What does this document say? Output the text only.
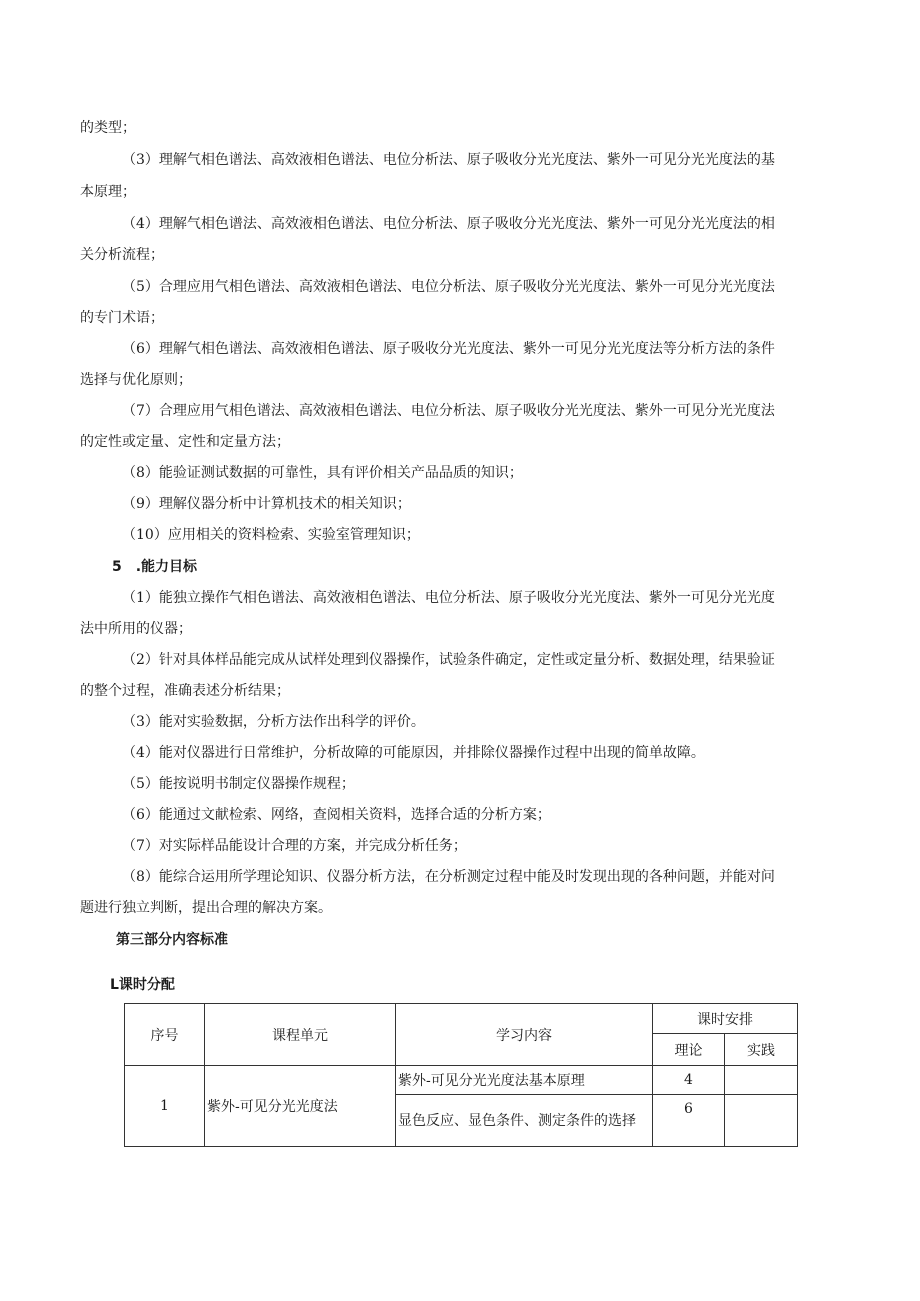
的类型；
（3）理解气相色谱法、高效液相色谱法、电位分析法、原子吸收分光光度法、紫外一可见分光光度法的基
本原理；
（4）理解气相色谱法、高效液相色谱法、电位分析法、原子吸收分光光度法、紫外一可见分光光度法的相
关分析流程；
（5）合理应用气相色谱法、高效液相色谱法、电位分析法、原子吸收分光光度法、紫外一可见分光光度法
的专门术语；
（6）理解气相色谱法、高效液相色谱法、原子吸收分光光度法、紫外一可见分光光度法等分析方法的条件
选择与优化原则；
（7）合理应用气相色谱法、高效液相色谱法、电位分析法、原子吸收分光光度法、紫外一可见分光光度法
的定性或定量、定性和定量方法；
（8）能验证测试数据的可靠性，具有评价相关产品品质的知识；
（9）理解仪器分析中计算机技术的相关知识；
（10）应用相关的资料检索、实验室管理知识；
5　.能力目标
（1）能独立操作气相色谱法、高效液相色谱法、电位分析法、原子吸收分光光度法、紫外一可见分光光度
法中所用的仪器；
（2）针对具体样品能完成从试样处理到仪器操作，试验条件确定，定性或定量分析、数据处理，结果验证
的整个过程，准确表述分析结果；
（3）能对实验数据，分析方法作出科学的评价。
（4）能对仪器进行日常维护，分析故障的可能原因，并排除仪器操作过程中出现的简单故障。
（5）能按说明书制定仪器操作规程；
（6）能通过文献检索、网络，查阅相关资料，选择合适的分析方案；
（7）对实际样品能设计合理的方案，并完成分析任务；
（8）能综合运用所学理论知识、仪器分析方法，在分析测定过程中能及时发现出现的各种问题，并能对问
题进行独立判断，提出合理的解决方案。
第三部分内容标准
L课时分配
序号	课程单元	学习内容	课时安排	
			理论	实践
1	紫外-可见分光光度法	紫外-可见分光光度法基本原理	4	
		显色反应、显色条件、测定条件的选择	6	
